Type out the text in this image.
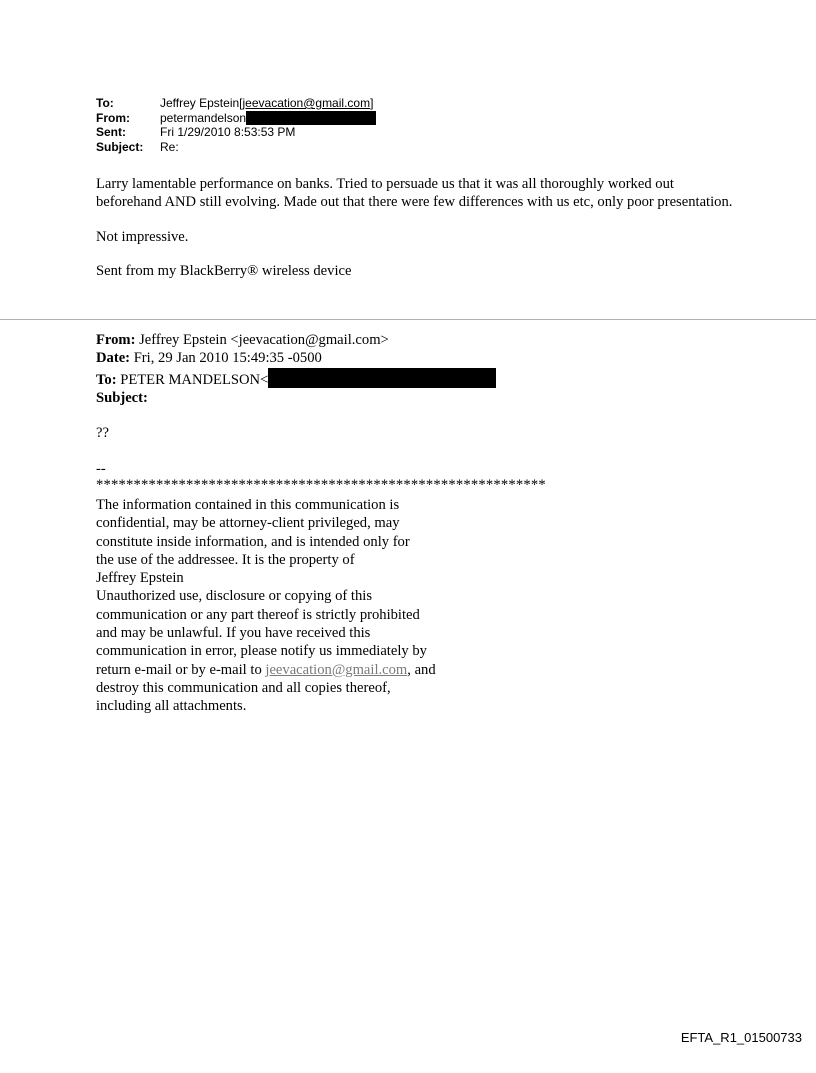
To:	Jeffrey Epstein[jeevacation@gmail.com]
From:	petermandelson
Sent:	Fri 1/29/2010 8:53:53 PM
Subject:	Re:

Larry lamentable performance on banks. Tried to persuade us that it was all thoroughly worked out beforehand AND still evolving. Made out that there were few differences with us etc, only poor presentation.

Not impressive.

Sent from my BlackBerry® wireless device

From: Jeffrey Epstein <jeevacation@gmail.com>
Date: Fri, 29 Jan 2010 15:49:35 -0500
To: PETER MANDELSON<
Subject:
??
--
************************************************************
The information contained in this communication is
confidential, may be attorney-client privileged, may
constitute inside information, and is intended only for
the use of the addressee. It is the property of
Jeffrey Epstein
Unauthorized use, disclosure or copying of this
communication or any part thereof is strictly prohibited
and may be unlawful. If you have received this
communication in error, please notify us immediately by
return e-mail or by e-mail to jeevacation@gmail.com, and
destroy this communication and all copies thereof,
including all attachments.
EFTA_R1_01500733
